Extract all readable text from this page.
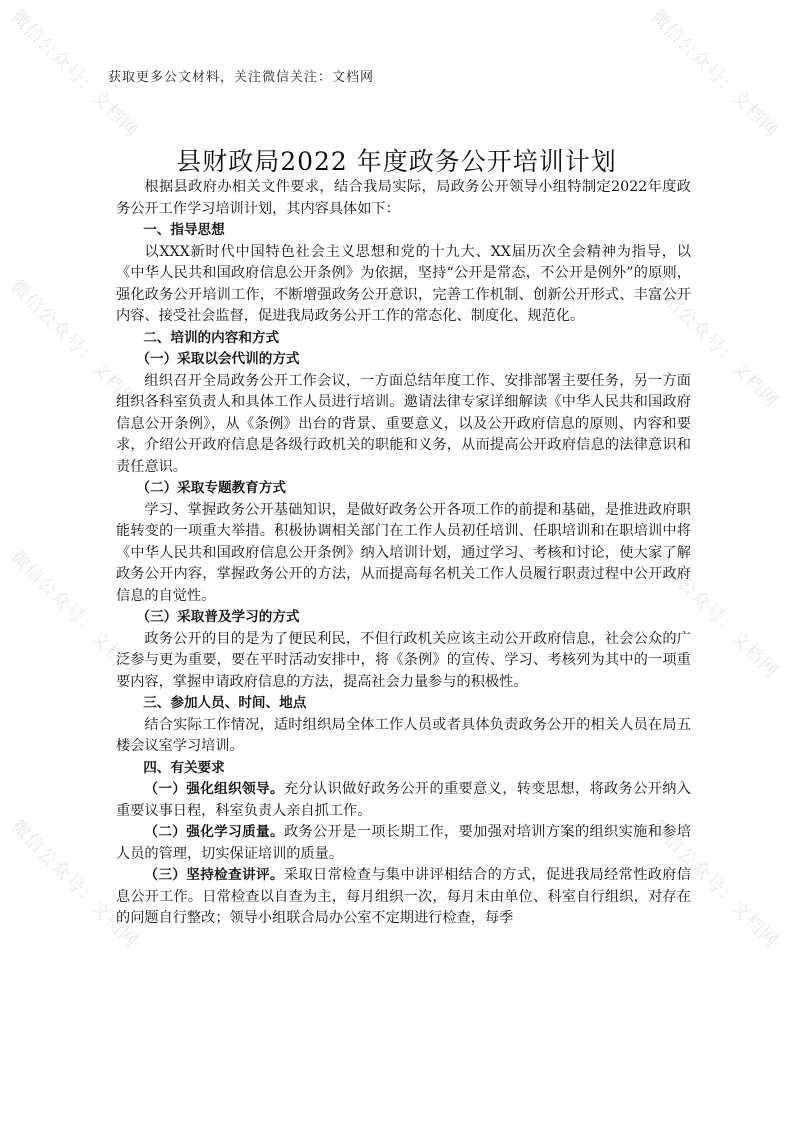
微信公众号：文档网	微信公众号：文档网
微信公众号：文档网	微信公众号：文档网
微信公众号：文档网	微信公众号：文档网
微信公众号：文档网	微信公众号：文档网
获取更多公文材料，关注微信关注：文档网
县财政局2022 年度政务公开培训计划

根据县政府办相关文件要求，结合我局实际，局政务公开领导小组特制定2022年度政务公开工作学习培训计划，其内容具体如下：

一、指导思想

以XXX新时代中国特色社会主义思想和党的十九大、XX届历次全会精神为指导，以《中华人民共和国政府信息公开条例》为依据，坚持“公开是常态，不公开是例外”的原则，强化政务公开培训工作，不断增强政务公开意识，完善工作机制、创新公开形式、丰富公开内容、接受社会监督，促进我局政务公开工作的常态化、制度化、规范化。

二、培训的内容和方式

（一）采取以会代训的方式

组织召开全局政务公开工作会议，一方面总结年度工作、安排部署主要任务，另一方面组织各科室负责人和具体工作人员进行培训。邀请法律专家详细解读《中华人民共和国政府信息公开条例》，从《条例》出台的背景、重要意义，以及公开政府信息的原则、内容和要求，介绍公开政府信息是各级行政机关的职能和义务，从而提高公开政府信息的法律意识和责任意识。

（二）采取专题教育方式

学习、掌握政务公开基础知识，是做好政务公开各项工作的前提和基础，是推进政府职能转变的一项重大举措。积极协调相关部门在工作人员初任培训、任职培训和在职培训中将《中华人民共和国政府信息公开条例》纳入培训计划，通过学习、考核和讨论，使大家了解政务公开内容，掌握政务公开的方法，从而提高每名机关工作人员履行职责过程中公开政府信息的自觉性。

（三）采取普及学习的方式

政务公开的目的是为了便民利民，不但行政机关应该主动公开政府信息，社会公众的广泛参与更为重要，要在平时活动安排中，将《条例》的宣传、学习、考核列为其中的一项重要内容，掌握申请政府信息的方法，提高社会力量参与的积极性。

三、参加人员、时间、地点

结合实际工作情况，适时组织局全体工作人员或者具体负责政务公开的相关人员在局五楼会议室学习培训。

四、有关要求

（一）强化组织领导。充分认识做好政务公开的重要意义，转变思想，将政务公开纳入重要议事日程，科室负责人亲自抓工作。

（二）强化学习质量。政务公开是一项长期工作，要加强对培训方案的组织实施和参培人员的管理，切实保证培训的质量。

（三）坚持检查讲评。采取日常检查与集中讲评相结合的方式，促进我局经常性政府信息公开工作。日常检查以自查为主，每月组织一次，每月末由单位、科室自行组织，对存在的问题自行整改；领导小组联合局办公室不定期进行检查，每季
